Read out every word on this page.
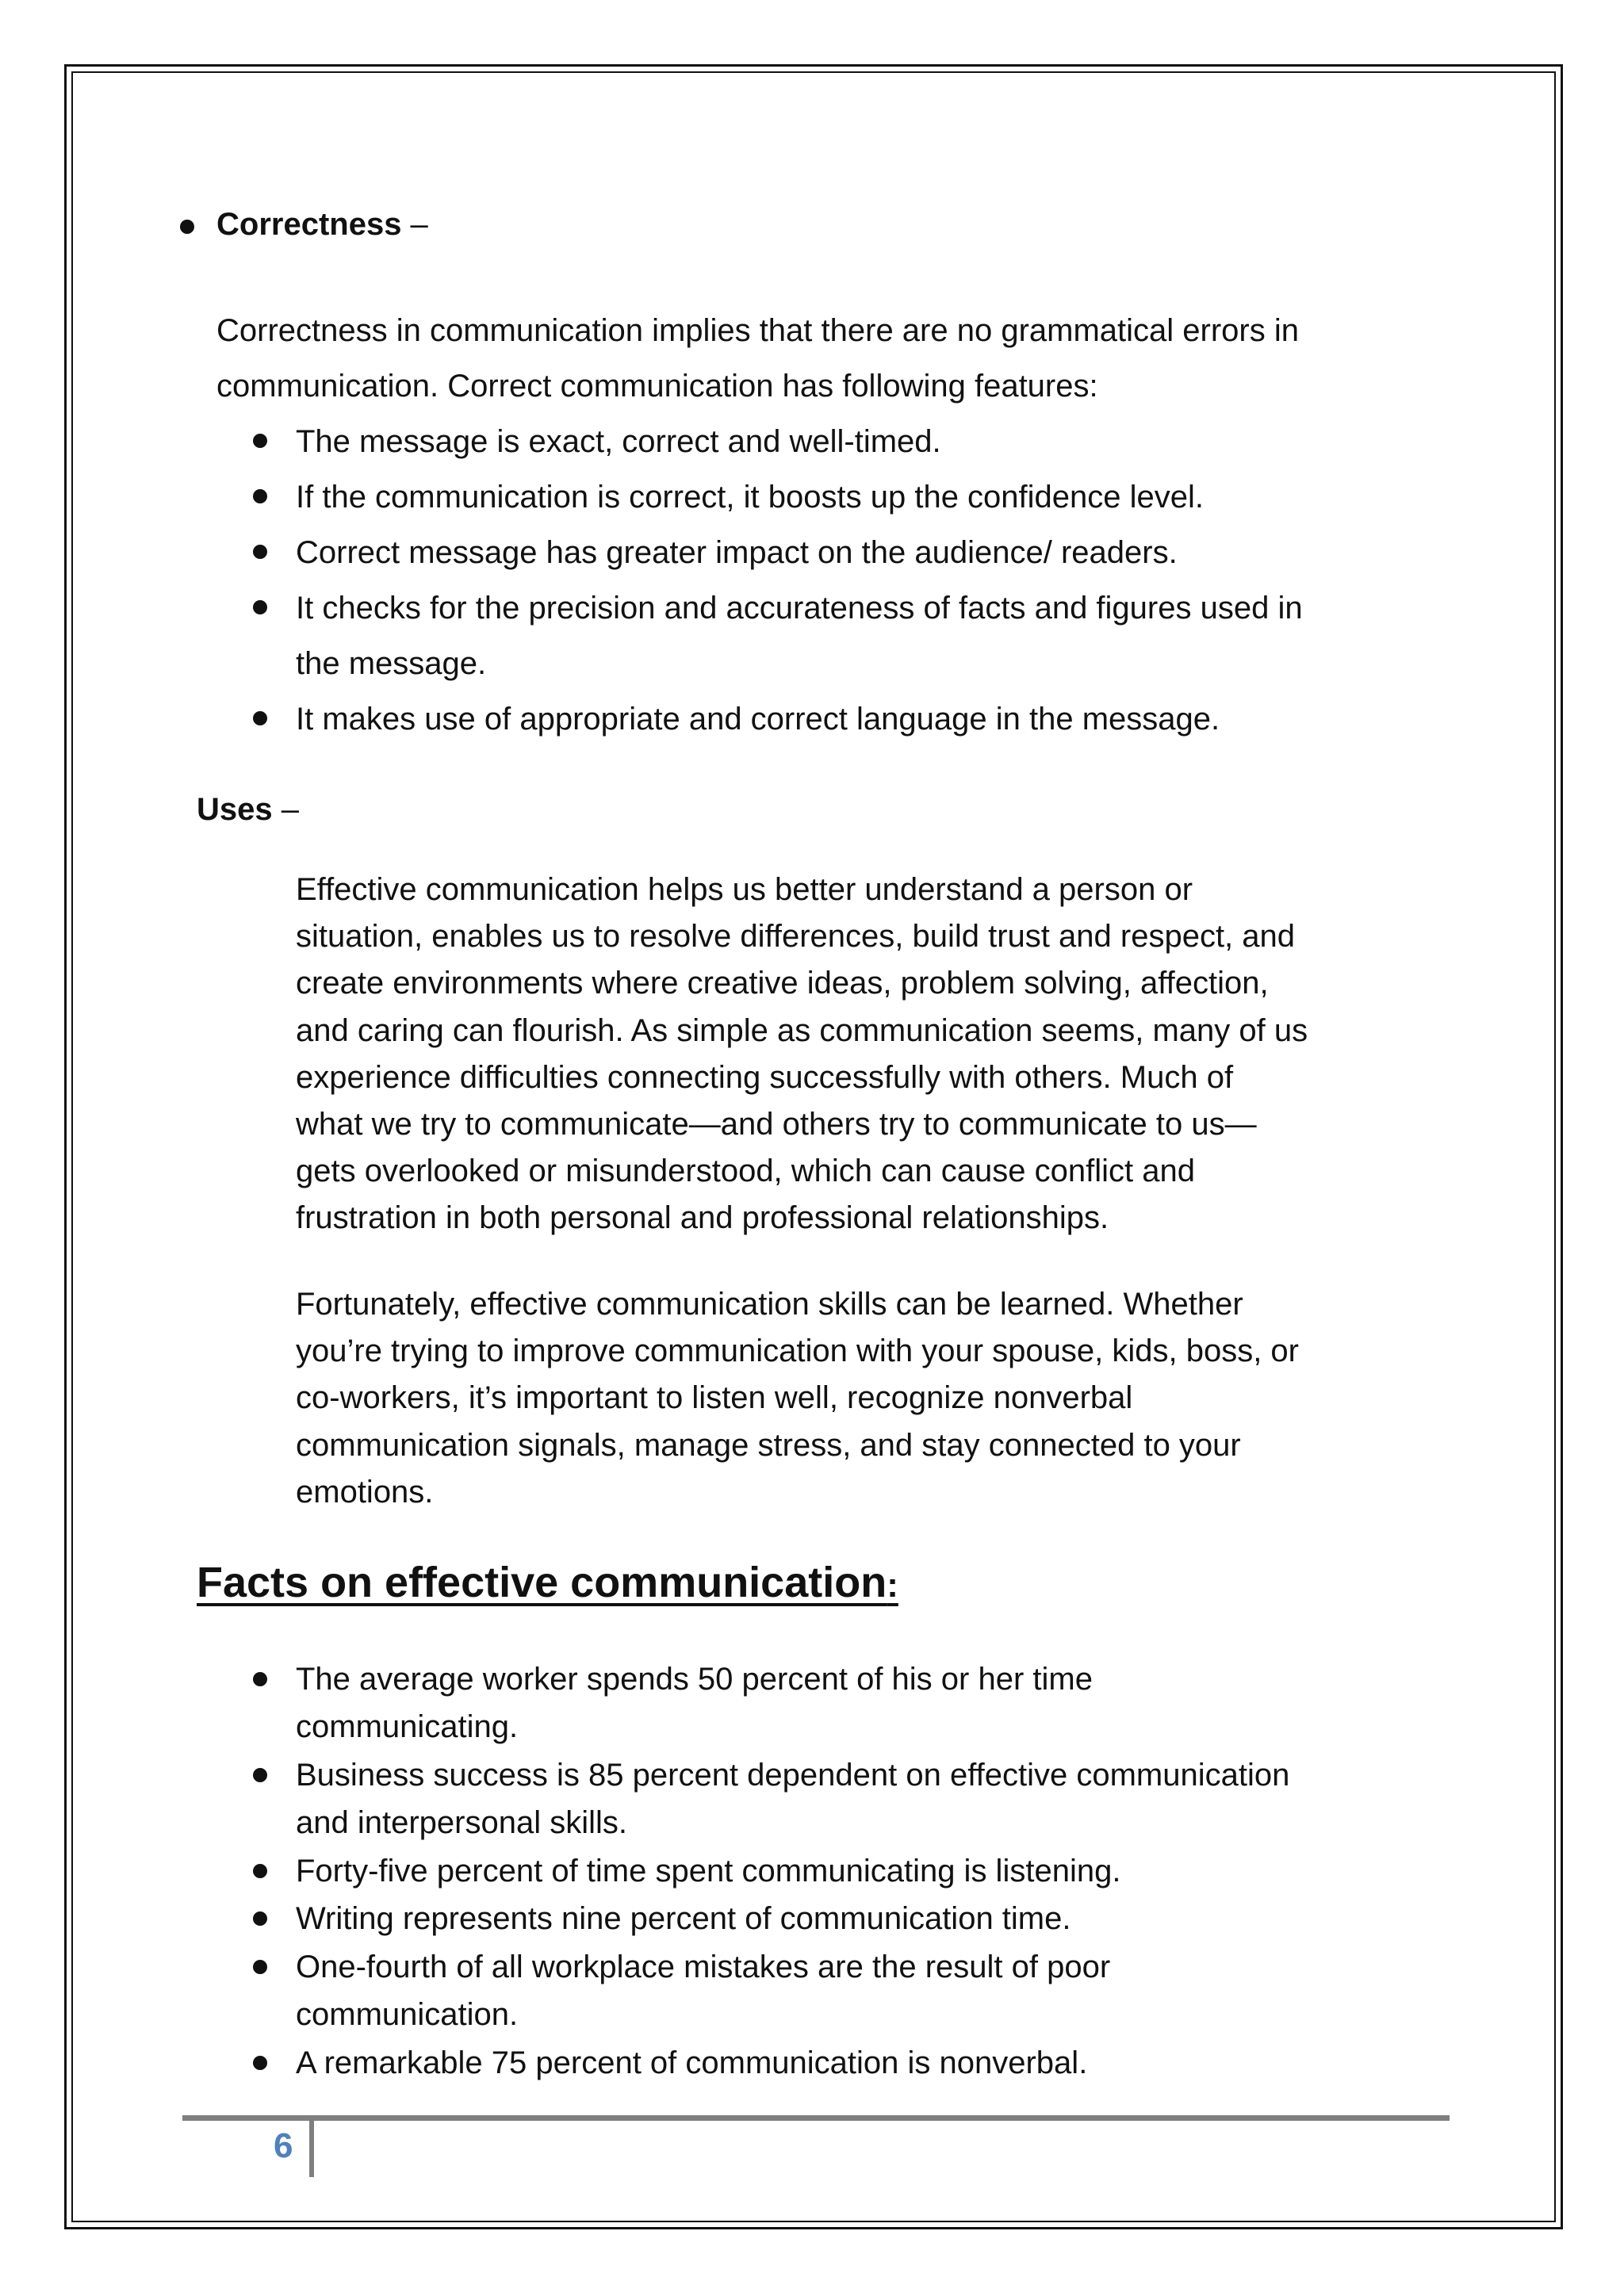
Correctness –
Correctness in communication implies that there are no grammatical errors in
communication. Correct communication has following features:
The message is exact, correct and well-timed.
If the communication is correct, it boosts up the confidence level.
Correct message has greater impact on the audience/ readers.
It checks for the precision and accurateness of facts and figures used in
the message.
It makes use of appropriate and correct language in the message.
Uses –
Effective communication helps us better understand a person or
situation, enables us to resolve differences, build trust and respect, and
create environments where creative ideas, problem solving, affection,
and caring can flourish. As simple as communication seems, many of us
experience difficulties connecting successfully with others. Much of
what we try to communicate—and others try to communicate to us—
gets overlooked or misunderstood, which can cause conflict and
frustration in both personal and professional relationships.
Fortunately, effective communication skills can be learned. Whether
you’re trying to improve communication with your spouse, kids, boss, or
co-workers, it’s important to listen well, recognize nonverbal
communication signals, manage stress, and stay connected to your
emotions.
Facts on effective communication:
The average worker spends 50 percent of his or her time
communicating.
Business success is 85 percent dependent on effective communication
and interpersonal skills.
Forty-five percent of time spent communicating is listening.
Writing represents nine percent of communication time.
One-fourth of all workplace mistakes are the result of poor
communication.
A remarkable 75 percent of communication is nonverbal.
6
